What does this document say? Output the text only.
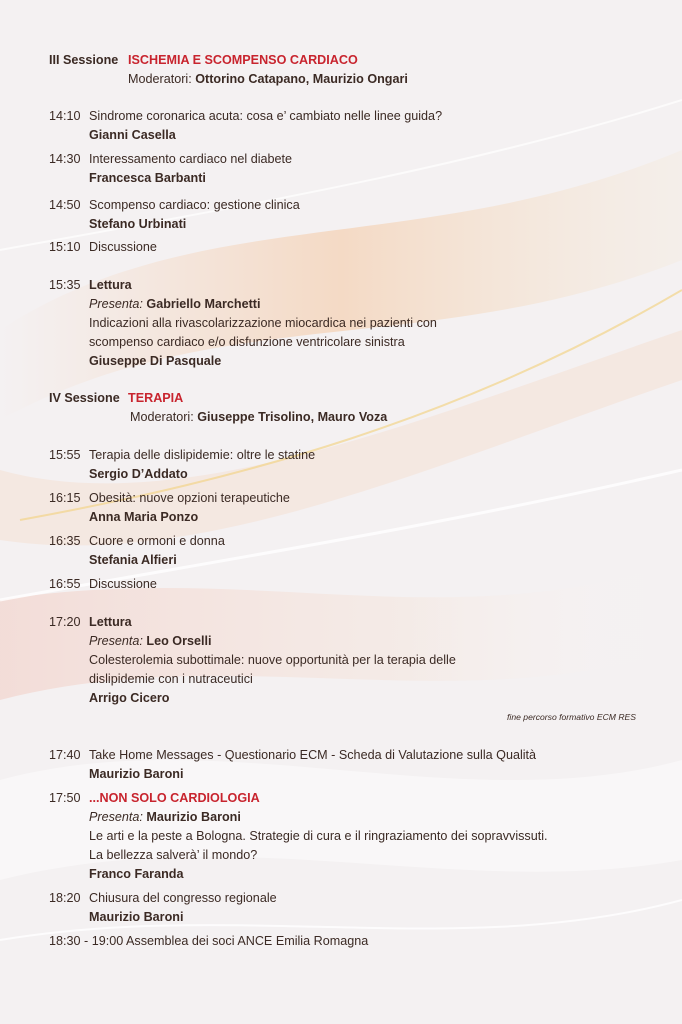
III Sessione ISCHEMIA E SCOMPENSO CARDIACO
Moderatori: Ottorino Catapano, Maurizio Ongari
14:10 Sindrome coronarica acuta: cosa e’ cambiato nelle linee guida?
Gianni Casella
14:30 Interessamento cardiaco nel diabete
Francesca Barbanti
14:50 Scompenso cardiaco: gestione clinica
Stefano Urbinati
15:10 Discussione
15:35 Lettura
Presenta: Gabriello Marchetti
Indicazioni alla rivascolarizzazione miocardica nei pazienti con
scompenso cardiaco e/o disfunzione ventricolare sinistra
Giuseppe Di Pasquale
IV Sessione TERAPIA
Moderatori: Giuseppe Trisolino, Mauro Voza
15:55 Terapia delle dislipidemie: oltre le statine
Sergio D’Addato
16:15 Obesità: nuove opzioni terapeutiche
Anna Maria Ponzo
16:35 Cuore e ormoni e donna
Stefania Alfieri
16:55 Discussione
17:20 Lettura
Presenta: Leo Orselli
Colesterolemia subottimale: nuove opportunità per la terapia delle
dislipidemie con i nutraceutici
Arrigo Cicero
fine percorso formativo ECM RES
17:40 Take Home Messages - Questionario ECM - Scheda di Valutazione sulla Qualità
Maurizio Baroni
17:50 ...NON SOLO CARDIOLOGIA
Presenta: Maurizio Baroni
Le arti e la peste a Bologna. Strategie di cura e il ringraziamento dei sopravvissuti.
La bellezza salverà’ il mondo?
Franco Faranda
18:20 Chiusura del congresso regionale
Maurizio Baroni
18:30 - 19:00 Assemblea dei soci ANCE Emilia Romagna
